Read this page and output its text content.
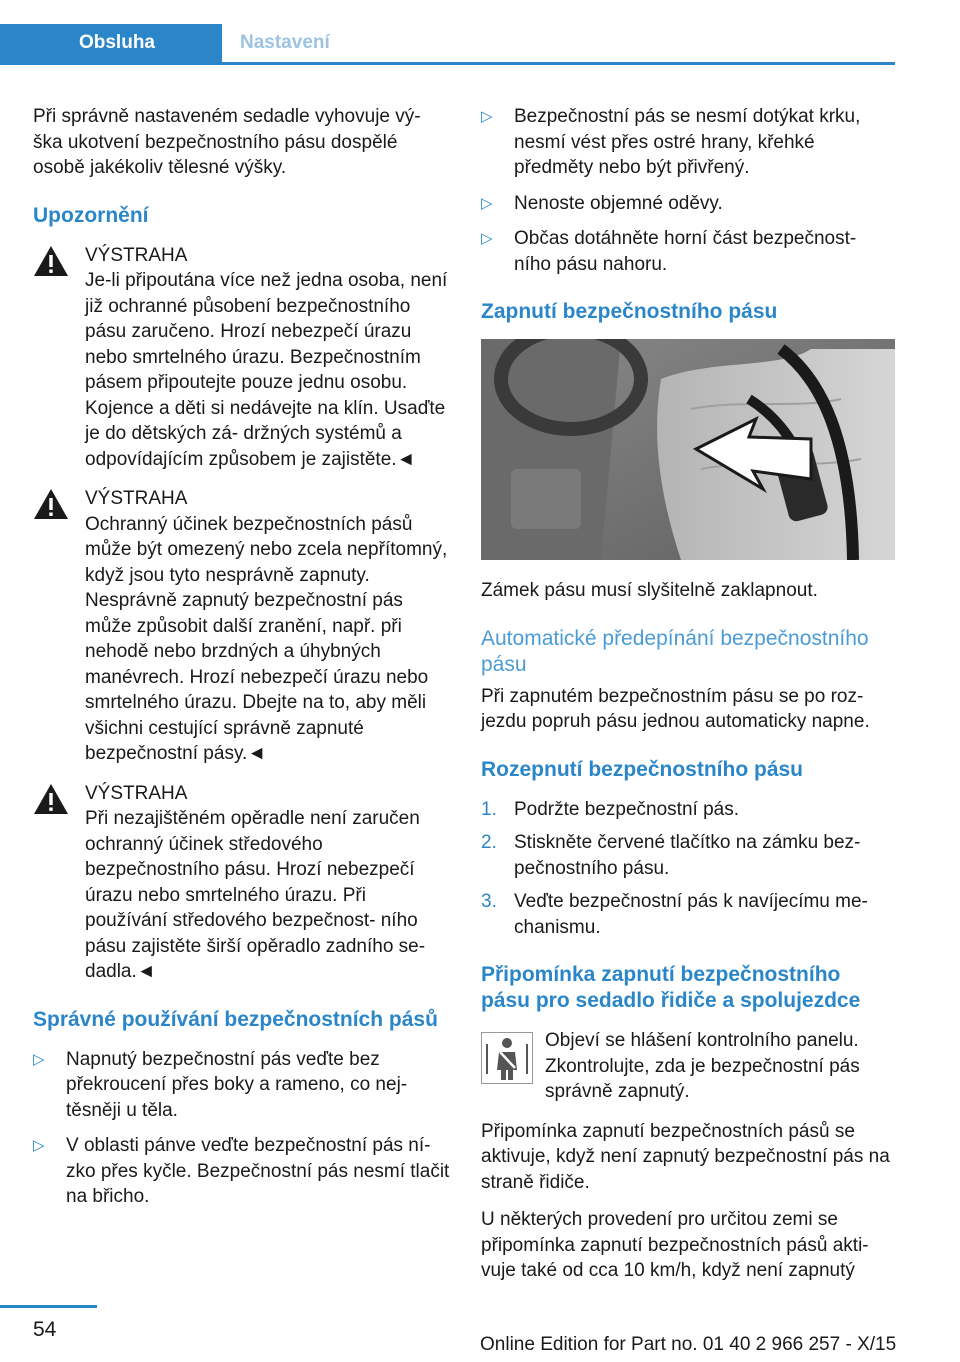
Obsluha	Nastavení

Při správně nastaveném sedadle vyhovuje vý- ška ukotvení bezpečnostního pásu dospělé osobě jakékoliv tělesné výšky.

Upozornění
VÝSTRAHA

Je-li připoutána více než jedna osoba, není již ochranné působení bezpečnostního pásu zaručeno. Hrozí nebezpečí úrazu nebo smrtelného úrazu. Bezpečnostním pásem připoutejte pouze jednu osobu. Kojence a děti si nedávejte na klín. Usaďte je do dětských zá- držných systémů a odpovídajícím způsobem je zajistěte.◄

VÝSTRAHA

Ochranný účinek bezpečnostních pásů může být omezený nebo zcela nepřítomný, když jsou tyto nesprávně zapnuty. Nesprávně zapnutý bezpečnostní pás může způsobit další zranění, např. při nehodě nebo brzdných a úhybných manévrech. Hrozí nebezpečí úrazu nebo smrtelného úrazu. Dbejte na to, aby měli všichni cestující správně zapnuté bezpečnostní pásy.◄

VÝSTRAHA

Při nezajištěném opěradle není zaručen ochranný účinek středového bezpečnostního pásu. Hrozí nebezpečí úrazu nebo smrtelného úrazu. Při používání středového bezpečnost- ního pásu zajistěte širší opěradlo zadního se- dadla.◄

Správné používání bezpečnostních pásů
▷ Napnutý bezpečnostní pás veďte bez překroucení přes boky a rameno, co nej- těsněji u těla.
▷ V oblasti pánve veďte bezpečnostní pás ní- zko přes kyčle. Bezpečnostní pás nesmí tlačit na břicho.
▷ Bezpečnostní pás se nesmí dotýkat krku, nesmí vést přes ostré hrany, křehké předměty nebo být přivřený.
▷ Nenoste objemné oděvy.
▷ Občas dotáhněte horní část bezpečnost- ního pásu nahoru.
Zapnutí bezpečnostního pásu

Zámek pásu musí slyšitelně zaklapnout.

Automatické předepínání bezpečnostního pásu

Při zapnutém bezpečnostním pásu se po roz- jezdu popruh pásu jednou automaticky napne.

Rozepnutí bezpečnostního pásu
1. Podržte bezpečnostní pás.
2. Stiskněte červené tlačítko na zámku bez- pečnostního pásu.
3. Veďte bezpečnostní pás k navíjecímu me- chanismu.
Připomínka zapnutí bezpečnostního pásu pro sedadlo řidiče a spolujezdce
Objeví se hlášení kontrolního panelu. Zkontrolujte, zda je bezpečnostní pás správně zapnutý.

Připomínka zapnutí bezpečnostních pásů se aktivuje, když není zapnutý bezpečnostní pás na straně řidiče.

U některých provedení pro určitou zemi se připomínka zapnutí bezpečnostních pásů akti- vuje také od cca 10 km/h, když není zapnutý

54
Online Edition for Part no. 01 40 2 966 257 - X/15
